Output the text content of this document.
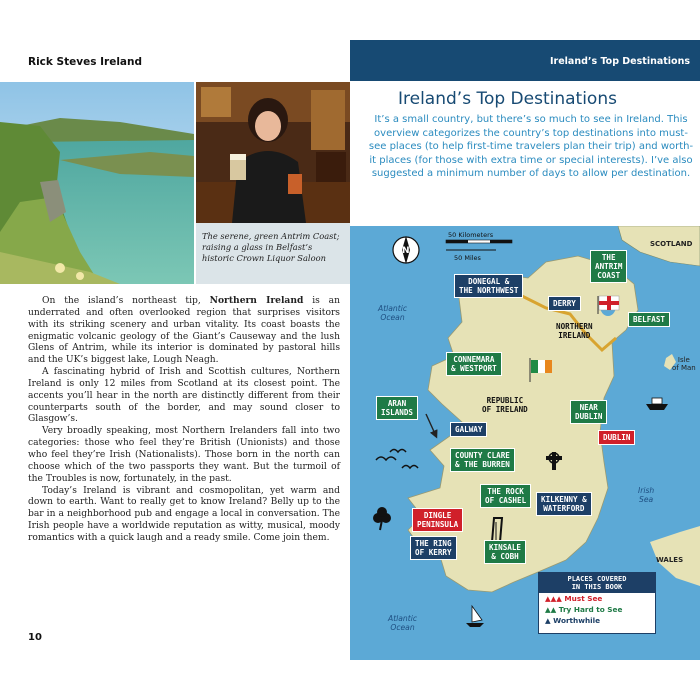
Rick Steves Ireland
The serene, green Antrim Coast; raising a glass in Belfast’s historic Crown Liquor Saloon

On the island’s northeast tip, Northern Ireland is an underrated and often overlooked region that surprises visitors with its striking scenery and urban vitality. Its coast boasts the enigmatic volcanic geology of the Giant’s Causeway and the lush Glens of Antrim, while its interior is dominated by pastoral hills and the UK’s biggest lake, Lough Neagh.

A fascinating hybrid of Irish and Scottish cultures, Northern Ireland is only 12 miles from Scotland at its closest point. The accents you’ll hear in the north are distinctly different from their counterparts south of the border, and may sound closer to Glasgow’s.

Very broadly speaking, most Northern Irelanders fall into two categories: those who feel they’re British (Unionists) and those who feel they’re Irish (Nationalists). Those born in the north can choose which of the two passports they want. But the turmoil of the Troubles is now, fortunately, in the past.

Today’s Ireland is vibrant and cosmopolitan, yet warm and down to earth. Want to really get to know Ireland? Belly up to the bar in a neighborhood pub and engage a local in conversation. The Irish people have a worldwide reputation as witty, musical, moody romantics with a quick laugh and a ready smile. Come join them.

10
Ireland’s Top Destinations
Ireland’s Top Destinations
It’s a small country, but there’s so much to see in Ireland. This overview categorizes the country’s top destinations into must-see places (to help first-time travelers plan their trip) and worth-it places (for those with extra time or special interests). I’ve also suggested a minimum number of days to allow per destination.
N
50 Kilometers
50 Miles
SCOTLAND
WALES
Atlantic
Ocean
Atlantic
Ocean
Irish
Sea
Isle
of Man
NORTHERN
IRELAND
REPUBLIC
OF IRELAND
THE
ANTRIM
COAST
DONEGAL &
THE NORTHWEST
DERRY
BELFAST
CONNEMARA
& WESTPORT
ARAN
ISLANDS
GALWAY
NEAR
DUBLIN
DUBLIN
COUNTY CLARE
& THE BURREN
THE ROCK
OF CASHEL	KILKENNY &
WATERFORD
DINGLE
PENINSULA
THE RING
OF KERRY
KINSALE
& COBH
PLACES COVERED
IN THIS BOOK
▲▲▲ Must See
▲▲ Try Hard to See
▲ Worthwhile
